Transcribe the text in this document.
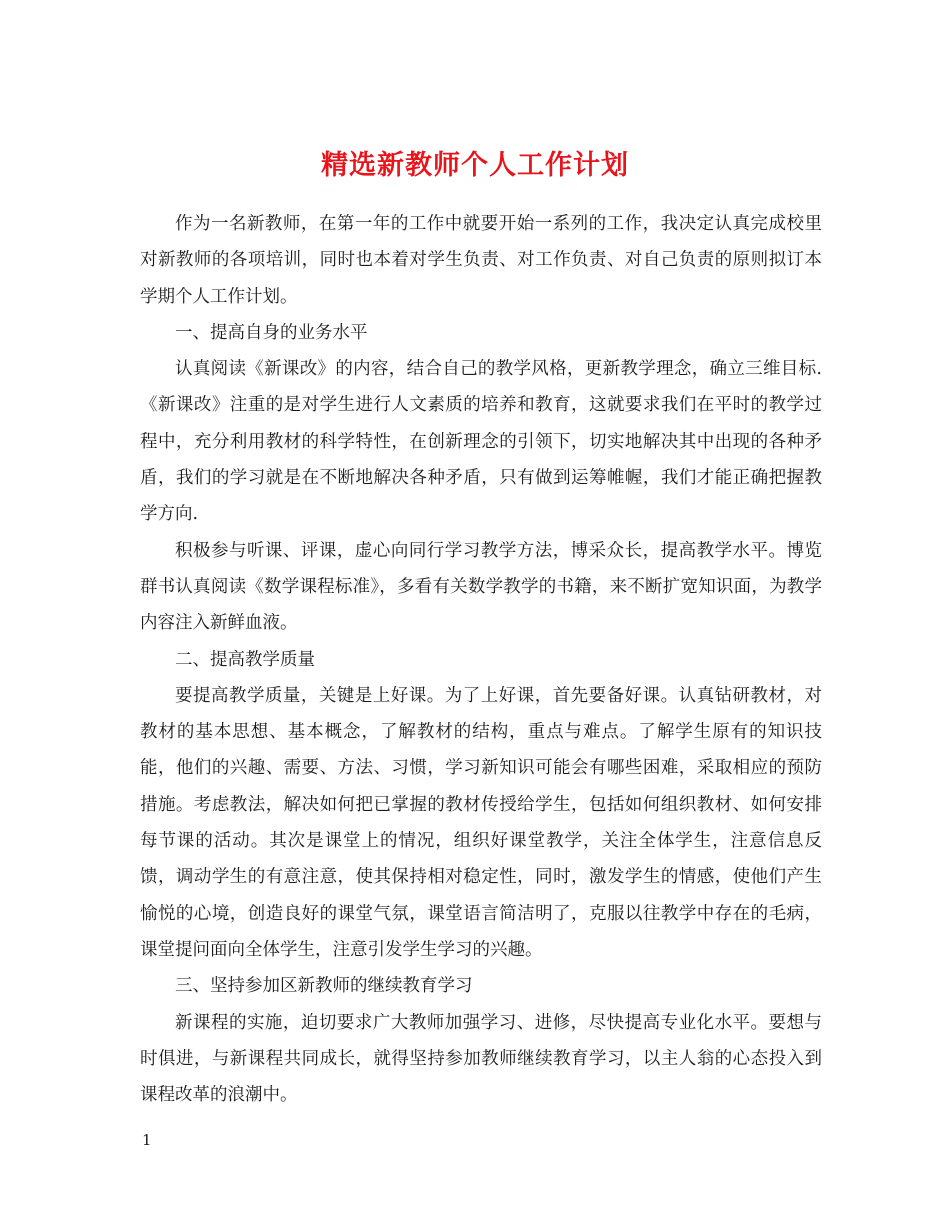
精选新教师个人工作计划

作为一名新教师，在第一年的工作中就要开始一系列的工作，我决定认真完成校里对新教师的各项培训，同时也本着对学生负责、对工作负责、对自己负责的原则拟订本学期个人工作计划。

一、提高自身的业务水平

认真阅读《新课改》的内容，结合自己的教学风格，更新教学理念，确立三维目标.《新课改》注重的是对学生进行人文素质的培养和教育，这就要求我们在平时的教学过程中，充分利用教材的科学特性，在创新理念的引领下，切实地解决其中出现的各种矛盾，我们的学习就是在不断地解决各种矛盾，只有做到运筹帷幄，我们才能正确把握教学方向.

积极参与听课、评课，虚心向同行学习教学方法，博采众长，提高教学水平。博览群书认真阅读《数学课程标准》，多看有关数学教学的书籍，来不断扩宽知识面，为教学内容注入新鲜血液。

二、提高教学质量

要提高教学质量，关键是上好课。为了上好课，首先要备好课。认真钻研教材，对教材的基本思想、基本概念，了解教材的结构，重点与难点。了解学生原有的知识技能，他们的兴趣、需要、方法、习惯，学习新知识可能会有哪些困难，采取相应的预防措施。考虑教法，解决如何把已掌握的教材传授给学生，包括如何组织教材、如何安排每节课的活动。其次是课堂上的情况，组织好课堂教学，关注全体学生，注意信息反馈，调动学生的有意注意，使其保持相对稳定性，同时，激发学生的情感，使他们产生愉悦的心境，创造良好的课堂气氛，课堂语言简洁明了，克服以往教学中存在的毛病，课堂提问面向全体学生，注意引发学生学习的兴趣。

三、坚持参加区新教师的继续教育学习

新课程的实施，迫切要求广大教师加强学习、进修，尽快提高专业化水平。要想与时俱进，与新课程共同成长，就得坚持参加教师继续教育学习，以主人翁的心态投入到课程改革的浪潮中。

1
